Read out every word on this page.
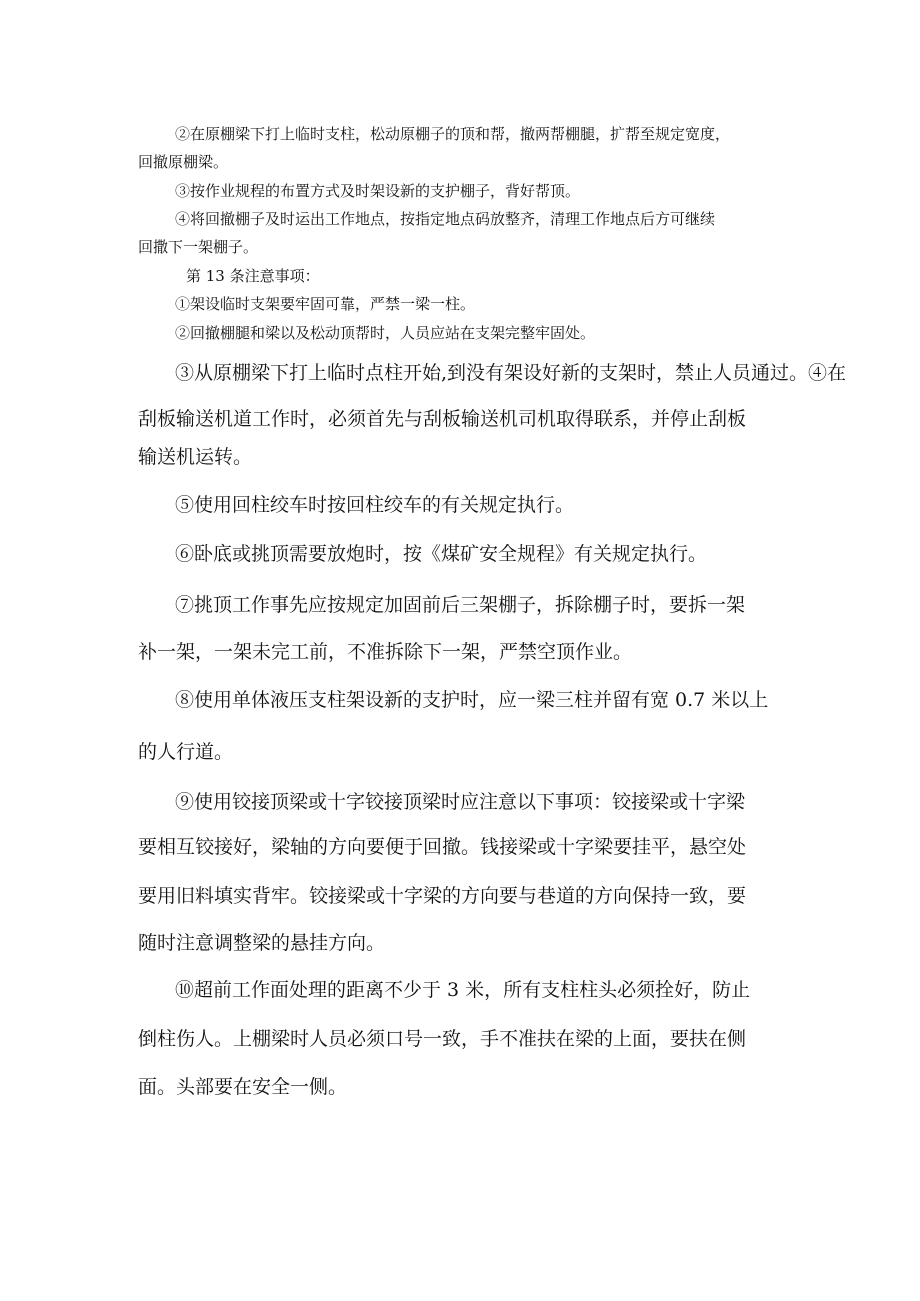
②在原棚梁下打上临时支柱，松动原棚子的顶和帮，撤两帮棚腿，扩帮至规定宽度，
回撤原棚梁。
③按作业规程的布置方式及时架设新的支护棚子，背好帮顶。
④将回撤棚子及时运出工作地点，按指定地点码放整齐，清理工作地点后方可继续
回撒下一架棚子。
第 13 条注意事项：
①架设临时支架要牢固可靠，严禁一梁一柱。
②回撤棚腿和梁以及松动顶帮时，人员应站在支架完整牢固处。
③从原棚梁下打上临时点柱开始,到没有架设好新的支架时，禁止人员通过。④在
刮板输送机道工作时，必须首先与刮板输送机司机取得联系，并停止刮板
输送机运转。
⑤使用回柱绞车时按回柱绞车的有关规定执行。
⑥卧底或挑顶需要放炮时，按《煤矿安全规程》有关规定执行。
⑦挑顶工作事先应按规定加固前后三架棚子，拆除棚子时，要拆一架
补一架，一架未完工前，不准拆除下一架，严禁空顶作业。
⑧使用单体液压支柱架设新的支护时，应一梁三柱并留有宽 0.7 米以上
的人行道。
⑨使用铰接顶梁或十字铰接顶梁时应注意以下事项：铰接梁或十字梁
要相互铰接好，梁轴的方向要便于回撤。钱接梁或十字梁要挂平，悬空处
要用旧料填实背牢。铰接梁或十字梁的方向要与巷道的方向保持一致，要
随时注意调整梁的悬挂方向。
⑩超前工作面处理的距离不少于 3 米，所有支柱柱头必须拴好，防止
倒柱伤人。上棚梁时人员必须口号一致，手不准扶在梁的上面，要扶在侧
面。头部要在安全一侧。
